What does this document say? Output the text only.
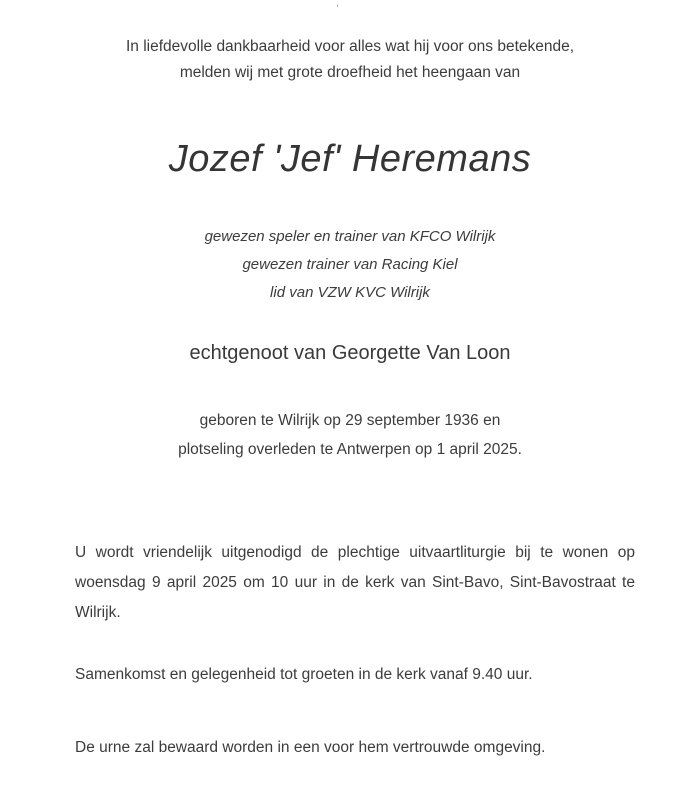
,
In liefdevolle dankbaarheid voor alles wat hij voor ons betekende,
melden wij met grote droefheid het heengaan van
Jozef 'Jef' Heremans
gewezen speler en trainer van KFCO Wilrijk
gewezen trainer van Racing Kiel
lid van VZW KVC Wilrijk
echtgenoot van Georgette Van Loon
geboren te Wilrijk op 29 september 1936 en
plotseling overleden te Antwerpen op 1 april 2025.
U wordt vriendelijk uitgenodigd de plechtige uitvaartliturgie bij te wonen op woensdag 9 april 2025 om 10 uur in de kerk van Sint-Bavo, Sint-Bavostraat te Wilrijk.
Samenkomst en gelegenheid tot groeten in de kerk vanaf 9.40 uur.
De urne zal bewaard worden in een voor hem vertrouwde omgeving.
